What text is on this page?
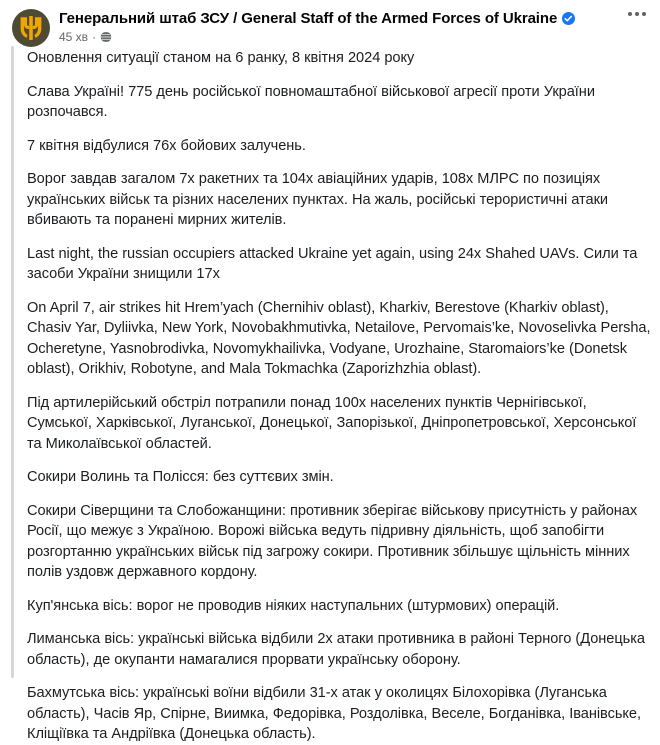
Генеральний штаб ЗСУ / General Staff of the Armed Forces of Ukraine
45 хв ·

Оновлення ситуації станом на 6 ранку, 8 квітня 2024 року

Слава Україні! 775 день російської повномаштабної військової агресії проти України розпочався.

7 квітня відбулися 76х бойових залучень.

Ворог завдав загалом 7х ракетних та 104х авіаційних ударів, 108х МЛРС по позиціях українських військ та різних населених пунктах. На жаль, російські терористичні атаки вбивають та поранені мирних жителів.

Last night, the russian occupiers attacked Ukraine yet again, using 24x Shahed UAVs. Сили та засоби України знищили 17х

On April 7, air strikes hit Hrem’yach (Chernihiv oblast), Kharkiv, Berestove (Kharkiv oblast), Chasiv Yar, Dyliivka, New York, Novobakhmutivka, Netailove, Pervomais’ke, Novoselivka Persha, Ocheretyne, Yasnobrodivka, Novomykhailivka, Vodyane, Urozhaine, Staromaiors’ke (Donetsk oblast), Orikhiv, Robotyne, and Mala Tokmachka (Zaporizhzhia oblast).

Під артилерійський обстріл потрапили понад 100х населених пунктів Чернігівської, Сумської, Харківської, Луганської, Донецької, Запорізької, Дніпропетровської, Херсонської та Миколаївської областей.

Сокири Волинь та Полісся: без суттєвих змін.

Сокири Сіверщини та Слобожанщини: противник зберігає військову присутність у районах Росії, що межує з Україною. Ворожі війська ведуть підривну діяльність, щоб запобігти розгортанню українських військ під загрожу сокири. Противник збільшує щільність мінних полів уздовж державного кордону.

Куп'янська вісь: ворог не проводив ніяких наступальних (штурмових) операцій.

Лиманська вісь: українські війська відбили 2х атаки противника в районі Терного (Донецька область), де окупанти намагалися прорвати українську оборону.

Бахмутська вісь: українські воїни відбили 31-х атак у околицях Білохорівка (Луганська область), Часів Яр, Спірне, Виимка, Федорівка, Роздолівка, Веселе, Богданівка, Іванівське, Кліщіївка та Андріївка (Донецька область).
